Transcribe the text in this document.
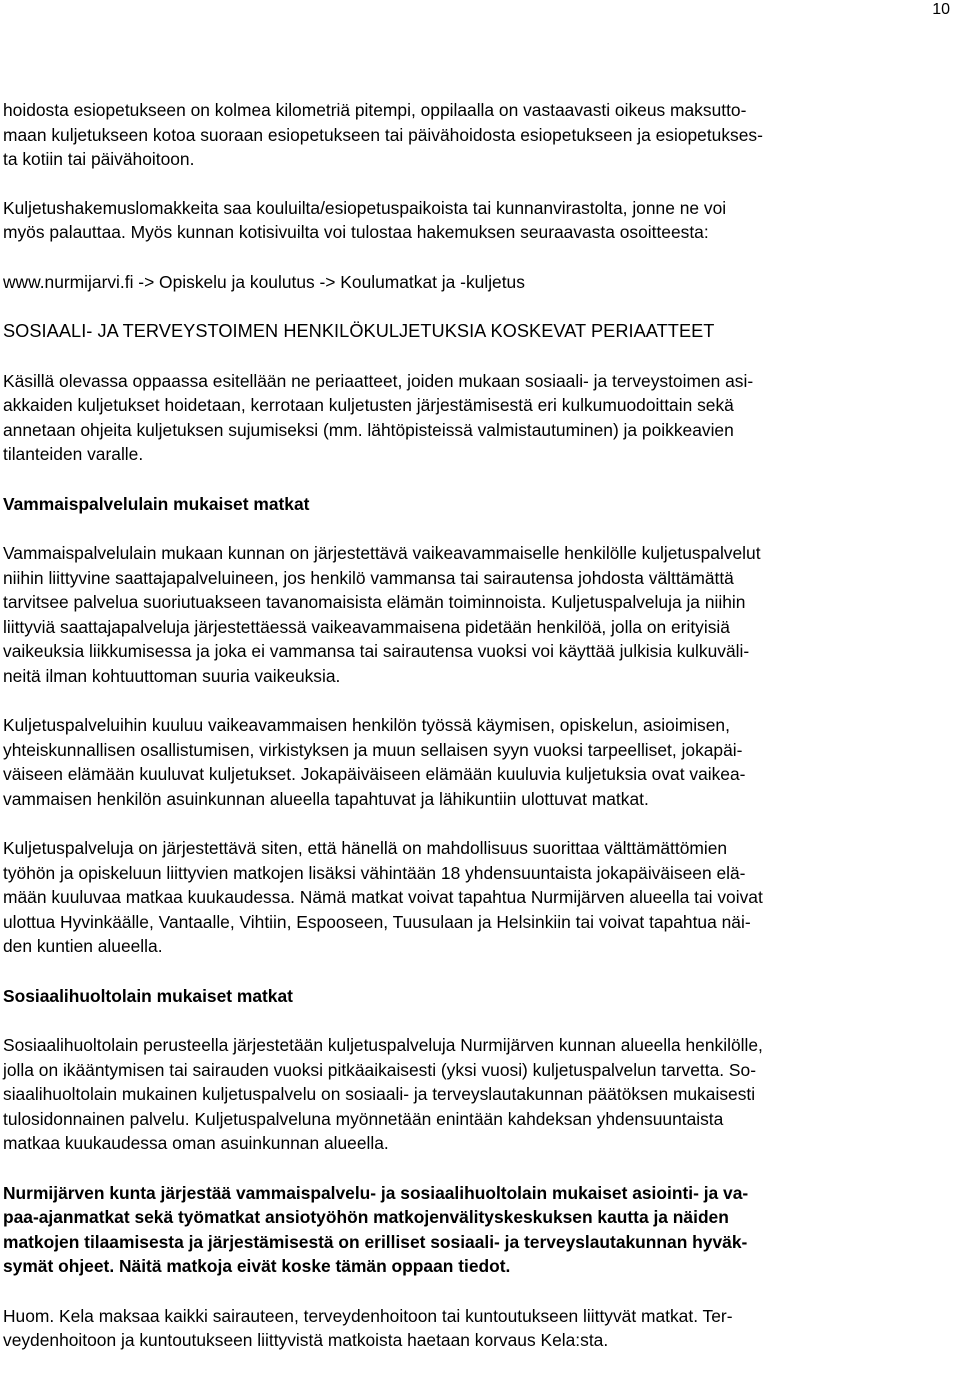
10
hoidosta esiopetukseen on kolmea kilometriä pitempi, oppilaalla on vastaavasti oikeus maksutto-
maan kuljetukseen kotoa suoraan esiopetukseen tai päivähoidosta esiopetukseen ja esiopetukses-
ta kotiin tai päivähoitoon.
Kuljetushakemuslomakkeita saa kouluilta/esiopetuspaikoista tai kunnanvirastolta, jonne ne voi
myös palauttaa. Myös kunnan kotisivuilta voi tulostaa hakemuksen seuraavasta osoitteesta:
www.nurmijarvi.fi -> Opiskelu ja koulutus -> Koulumatkat ja -kuljetus
SOSIAALI- JA TERVEYSTOIMEN HENKILÖKULJETUKSIA KOSKEVAT PERIAATTEET
Käsillä olevassa oppaassa esitellään ne periaatteet, joiden mukaan sosiaali- ja terveystoimen asi-
akkaiden kuljetukset hoidetaan, kerrotaan kuljetusten järjestämisestä eri kulkumuodoittain sekä
annetaan ohjeita kuljetuksen sujumiseksi (mm. lähtöpisteissä valmistautuminen) ja poikkeavien
tilanteiden varalle.
Vammaispalvelulain mukaiset matkat
Vammaispalvelulain mukaan kunnan on järjestettävä vaikeavammaiselle henkilölle kuljetuspalvelut
niihin liittyvine saattajapalveluineen, jos henkilö vammansa tai sairautensa johdosta välttämättä
tarvitsee palvelua suoriutuakseen tavanomaisista elämän toiminnoista. Kuljetuspalveluja ja niihin
liittyviä saattajapalveluja järjestettäessä vaikeavammaisena pidetään henkilöä, jolla on erityisiä
vaikeuksia liikkumisessa ja joka ei vammansa tai sairautensa vuoksi voi käyttää julkisia kulkuväli-
neitä ilman kohtuuttoman suuria vaikeuksia.
Kuljetuspalveluihin kuuluu vaikeavammaisen henkilön työssä käymisen, opiskelun, asioimisen,
yhteiskunnallisen osallistumisen, virkistyksen ja muun sellaisen syyn vuoksi tarpeelliset, jokapäi-
väiseen elämään kuuluvat kuljetukset. Jokapäiväiseen elämään kuuluvia kuljetuksia ovat vaikea-
vammaisen henkilön asuinkunnan alueella tapahtuvat ja lähikuntiin ulottuvat matkat.
Kuljetuspalveluja on järjestettävä siten, että hänellä on mahdollisuus suorittaa välttämättömien
työhön ja opiskeluun liittyvien matkojen lisäksi vähintään 18 yhdensuuntaista jokapäiväiseen elä-
mään kuuluvaa matkaa kuukaudessa. Nämä matkat voivat tapahtua Nurmijärven alueella tai voivat
ulottua Hyvinkäälle, Vantaalle, Vihtiin, Espooseen, Tuusulaan ja Helsinkiin tai voivat tapahtua näi-
den kuntien alueella.
Sosiaalihuoltolain mukaiset matkat
Sosiaalihuoltolain perusteella järjestetään kuljetuspalveluja Nurmijärven kunnan alueella henkilölle,
jolla on ikääntymisen tai sairauden vuoksi pitkäaikaisesti (yksi vuosi) kuljetuspalvelun tarvetta. So-
siaalihuoltolain mukainen kuljetuspalvelu on sosiaali- ja terveyslautakunnan päätöksen mukaisesti
tulosidonnainen palvelu. Kuljetuspalveluna myönnetään enintään kahdeksan yhdensuuntaista
matkaa kuukaudessa oman asuinkunnan alueella.
Nurmijärven kunta järjestää vammaispalvelu- ja sosiaalihuoltolain mukaiset asiointi- ja va-
paa-ajanmatkat sekä työmatkat ansiotyöhön matkojenvälityskeskuksen kautta ja näiden
matkojen tilaamisesta ja järjestämisestä on erilliset sosiaali- ja terveyslautakunnan hyväk-
symät ohjeet. Näitä matkoja eivät koske tämän oppaan tiedot.
Huom. Kela maksaa kaikki sairauteen, terveydenhoitoon tai kuntoutukseen liittyvät matkat. Ter-
veydenhoitoon ja kuntoutukseen liittyvistä matkoista haetaan korvaus Kela:sta.
